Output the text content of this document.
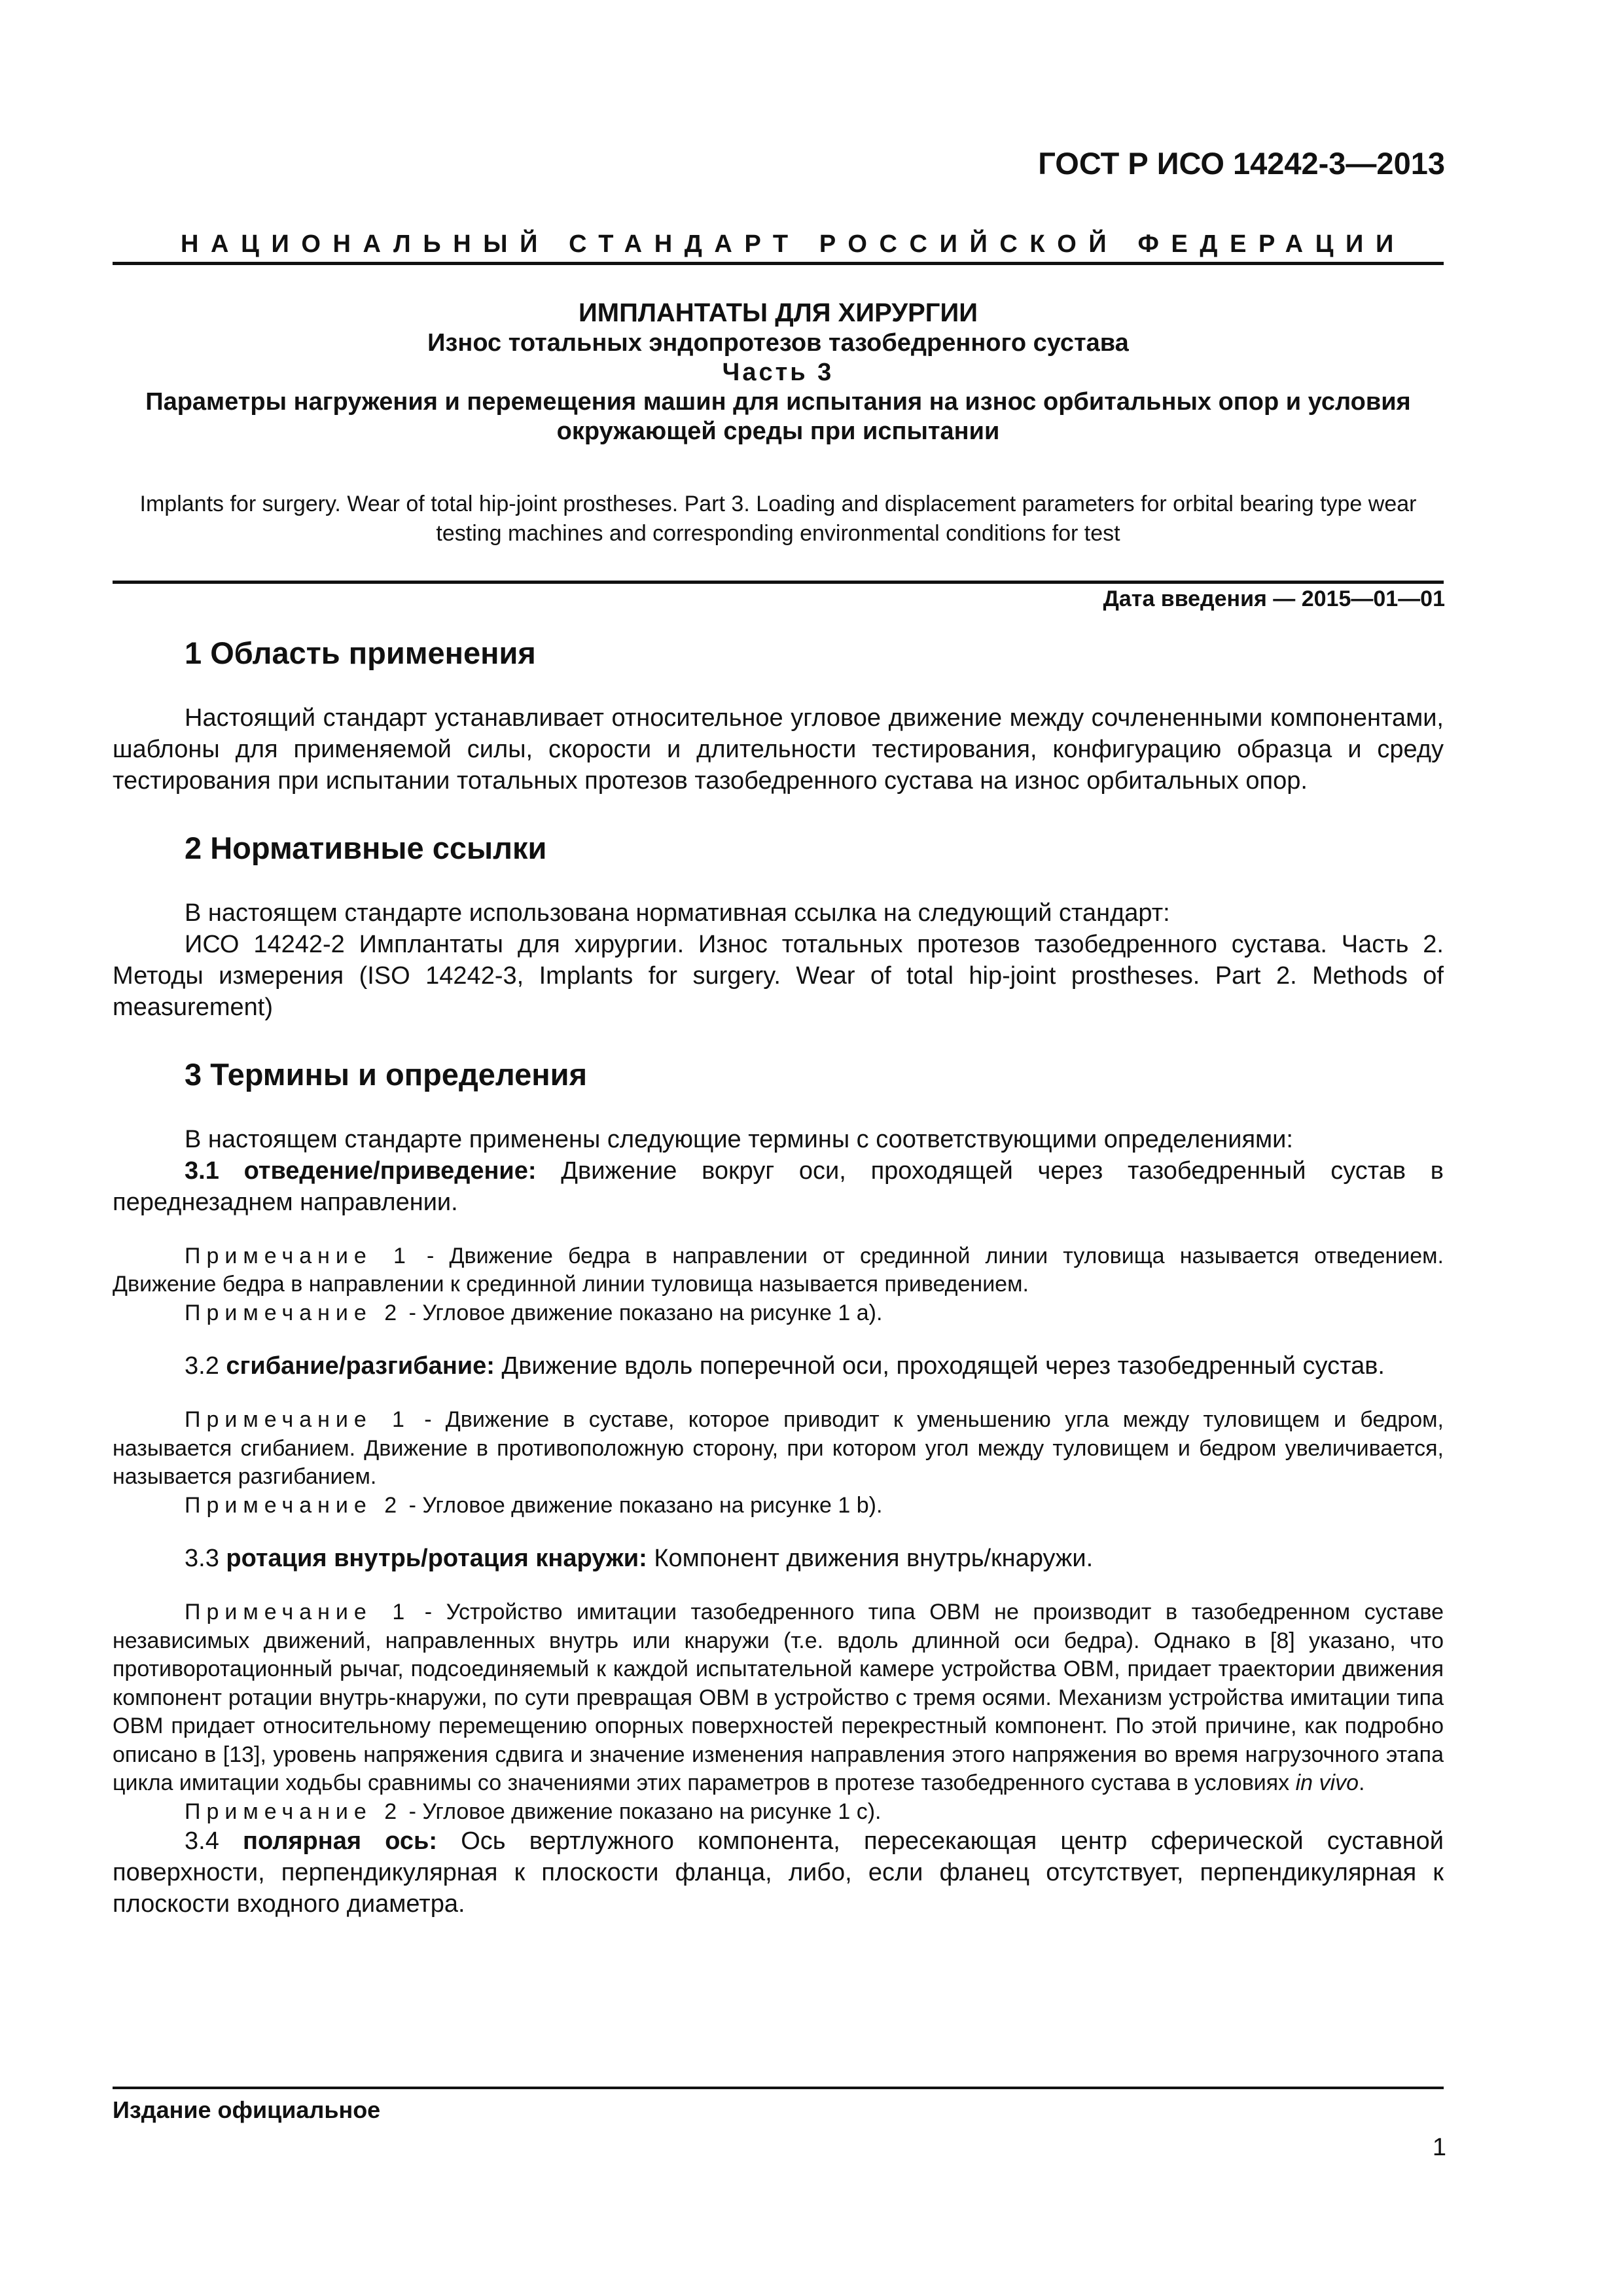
ГОСТ Р ИСО 14242-3—2013

НАЦИОНАЛЬНЫЙ СТАНДАРТ РОССИЙСКОЙ ФЕДЕРАЦИИ

ИМПЛАНТАТЫ ДЛЯ ХИРУРГИИ

Износ тотальных эндопротезов тазобедренного сустава

Часть 3

Параметры нагружения и перемещения машин для испытания на износ орбитальных опор и условия окружающей среды при испытании

Implants for surgery. Wear of total hip-joint prostheses. Part 3. Loading and displacement parameters for orbital bearing type wear testing machines and corresponding environmental conditions for test

Дата введения — 2015—01—01

1 Область применения

Настоящий стандарт устанавливает относительное угловое движение между сочлененными компонентами, шаблоны для применяемой силы, скорости и длительности тестирования, конфигурацию образца и среду тестирования при испытании тотальных протезов тазобедренного сустава на износ орбитальных опор.

2 Нормативные ссылки

В настоящем стандарте использована нормативная ссылка на следующий стандарт:

ИСО 14242-2 Имплантаты для хирургии. Износ тотальных протезов тазобедренного сустава. Часть 2. Методы измерения (ISO 14242-3, Implants for surgery. Wear of total hip-joint prostheses. Part 2. Methods of measurement)

3 Термины и определения

В настоящем стандарте применены следующие термины с соответствующими определениями:

3.1 отведение/приведение: Движение вокруг оси, проходящей через тазобедренный сустав в переднезаднем направлении.

Примечание 1 - Движение бедра в направлении от срединной линии туловища называется отведением. Движение бедра в направлении к срединной линии туловища называется приведением.

Примечание 2 - Угловое движение показано на рисунке 1 а).

3.2 сгибание/разгибание: Движение вдоль поперечной оси, проходящей через тазобедренный сустав.

Примечание 1 - Движение в суставе, которое приводит к уменьшению угла между туловищем и бедром, называется сгибанием. Движение в противоположную сторону, при котором угол между туловищем и бедром увеличивается, называется разгибанием.

Примечание 2 - Угловое движение показано на рисунке 1 b).

3.3 ротация внутрь/ротация кнаружи: Компонент движения внутрь/кнаружи.

Примечание 1 - Устройство имитации тазобедренного типа ОВМ не производит в тазобедренном суставе независимых движений, направленных внутрь или кнаружи (т.е. вдоль длинной оси бедра). Однако в [8] указано, что противоротационный рычаг, подсоединяемый к каждой испытательной камере устройства ОВМ, придает траектории движения компонент ротации внутрь-кнаружи, по сути превращая ОВМ в устройство с тремя осями. Механизм устройства имитации типа ОВМ придает относительному перемещению опорных поверхностей перекрестный компонент. По этой причине, как подробно описано в [13], уровень напряжения сдвига и значение изменения направления этого напряжения во время нагрузочного этапа цикла имитации ходьбы сравнимы со значениями этих параметров в протезе тазобедренного сустава в условиях in vivo.

Примечание 2 - Угловое движение показано на рисунке 1 с).

3.4 полярная ось: Ось вертлужного компонента, пересекающая центр сферической суставной поверхности, перпендикулярная к плоскости фланца, либо, если фланец отсутствует, перпендикулярная к плоскости входного диаметра.

Издание официальное

1
